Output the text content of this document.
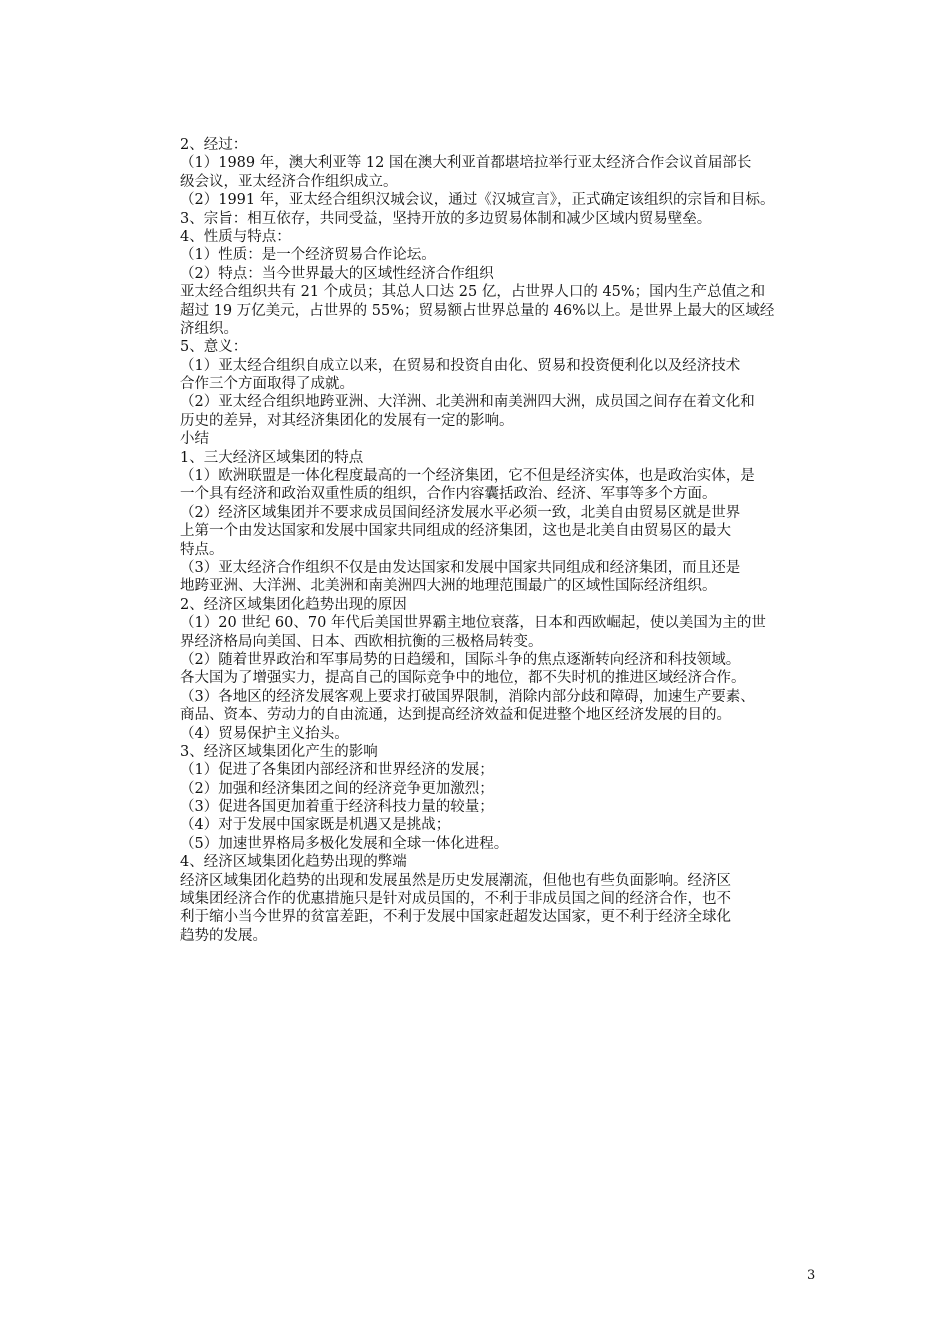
2、经过：
（1）1989 年，澳大利亚等 12 国在澳大利亚首都堪培拉举行亚太经济合作会议首届部长
级会议，亚太经济合作组织成立。
（2）1991 年，亚太经合组织汉城会议，通过《汉城宣言》，正式确定该组织的宗旨和目标。
3、宗旨：相互依存，共同受益，坚持开放的多边贸易体制和减少区域内贸易壁垒。
4、性质与特点：
（1）性质：是一个经济贸易合作论坛。
（2）特点：当今世界最大的区域性经济合作组织
亚太经合组织共有 21 个成员；其总人口达 25 亿，占世界人口的 45%；国内生产总值之和
超过 19 万亿美元，占世界的 55%；贸易额占世界总量的 46%以上。是世界上最大的区域经
济组织。
5、意义：
（1）亚太经合组织自成立以来，在贸易和投资自由化、贸易和投资便利化以及经济技术
合作三个方面取得了成就。
（2）亚太经合组织地跨亚洲、大洋洲、北美洲和南美洲四大洲，成员国之间存在着文化和
历史的差异，对其经济集团化的发展有一定的影响。
小结
1、三大经济区域集团的特点
（1）欧洲联盟是一体化程度最高的一个经济集团，它不但是经济实体，也是政治实体，是
一个具有经济和政治双重性质的组织，合作内容囊括政治、经济、军事等多个方面。
（2）经济区域集团并不要求成员国间经济发展水平必须一致，北美自由贸易区就是世界
上第一个由发达国家和发展中国家共同组成的经济集团，这也是北美自由贸易区的最大
特点。
（3）亚太经济合作组织不仅是由发达国家和发展中国家共同组成和经济集团，而且还是
地跨亚洲、大洋洲、北美洲和南美洲四大洲的地理范围最广的区域性国际经济组织。
2、经济区域集团化趋势出现的原因
（1）20 世纪 60、70 年代后美国世界霸主地位衰落，日本和西欧崛起，使以美国为主的世
界经济格局向美国、日本、西欧相抗衡的三极格局转变。
（2）随着世界政治和军事局势的日趋缓和，国际斗争的焦点逐渐转向经济和科技领域。
各大国为了增强实力，提高自己的国际竞争中的地位，都不失时机的推进区域经济合作。
（3）各地区的经济发展客观上要求打破国界限制，消除内部分歧和障碍，加速生产要素、
商品、资本、劳动力的自由流通，达到提高经济效益和促进整个地区经济发展的目的。
（4）贸易保护主义抬头。
3、经济区域集团化产生的影响
（1）促进了各集团内部经济和世界经济的发展；
（2）加强和经济集团之间的经济竞争更加激烈；
（3）促进各国更加着重于经济科技力量的较量；
（4）对于发展中国家既是机遇又是挑战；
（5）加速世界格局多极化发展和全球一体化进程。
4、经济区域集团化趋势出现的弊端
经济区域集团化趋势的出现和发展虽然是历史发展潮流，但他也有些负面影响。经济区
域集团经济合作的优惠措施只是针对成员国的，不利于非成员国之间的经济合作，也不
利于缩小当今世界的贫富差距，不利于发展中国家赶超发达国家，更不利于经济全球化
趋势的发展。
3
